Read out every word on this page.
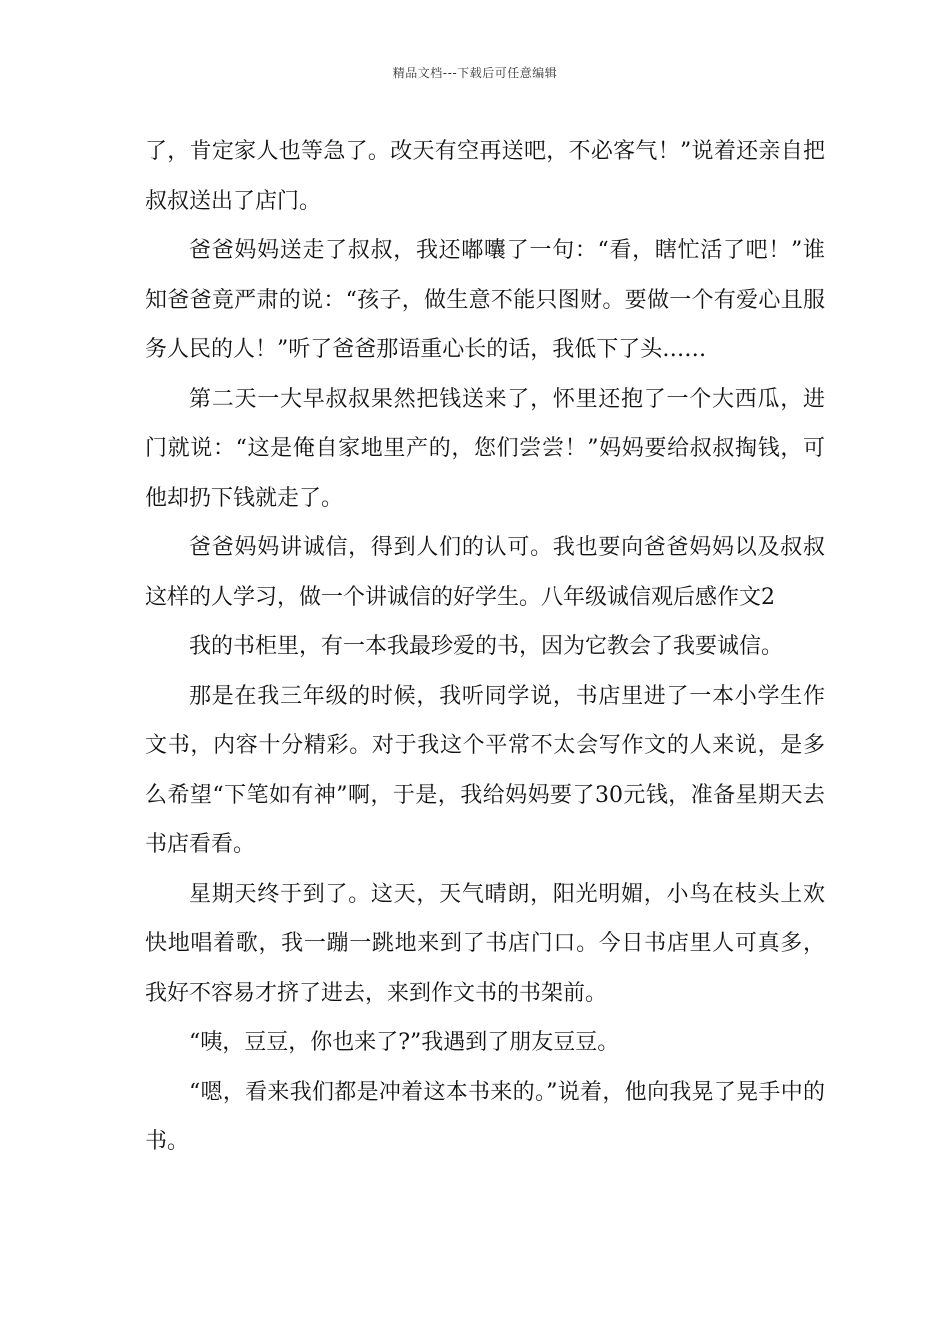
精品文档---下载后可任意编辑

了，肯定家人也等急了。改天有空再送吧，不必客气！”说着还亲自把叔叔送出了店门。

爸爸妈妈送走了叔叔，我还嘟囔了一句：“看，瞎忙活了吧！”谁知爸爸竟严肃的说：“孩子，做生意不能只图财。要做一个有爱心且服务人民的人！”听了爸爸那语重心长的话，我低下了头……

第二天一大早叔叔果然把钱送来了，怀里还抱了一个大西瓜，进门就说：“这是俺自家地里产的，您们尝尝！”妈妈要给叔叔掏钱，可他却扔下钱就走了。

爸爸妈妈讲诚信，得到人们的认可。我也要向爸爸妈妈以及叔叔这样的人学习，做一个讲诚信的好学生。八年级诚信观后感作文2

我的书柜里，有一本我最珍爱的书，因为它教会了我要诚信。

那是在我三年级的时候，我听同学说，书店里进了一本小学生作文书，内容十分精彩。对于我这个平常不太会写作文的人来说，是多么希望“下笔如有神”啊，于是，我给妈妈要了30元钱，准备星期天去书店看看。

星期天终于到了。这天，天气晴朗，阳光明媚，小鸟在枝头上欢快地唱着歌，我一蹦一跳地来到了书店门口。今日书店里人可真多，我好不容易才挤了进去，来到作文书的书架前。

“咦，豆豆，你也来了?”我遇到了朋友豆豆。

“嗯，看来我们都是冲着这本书来的。”说着，他向我晃了晃手中的书。
